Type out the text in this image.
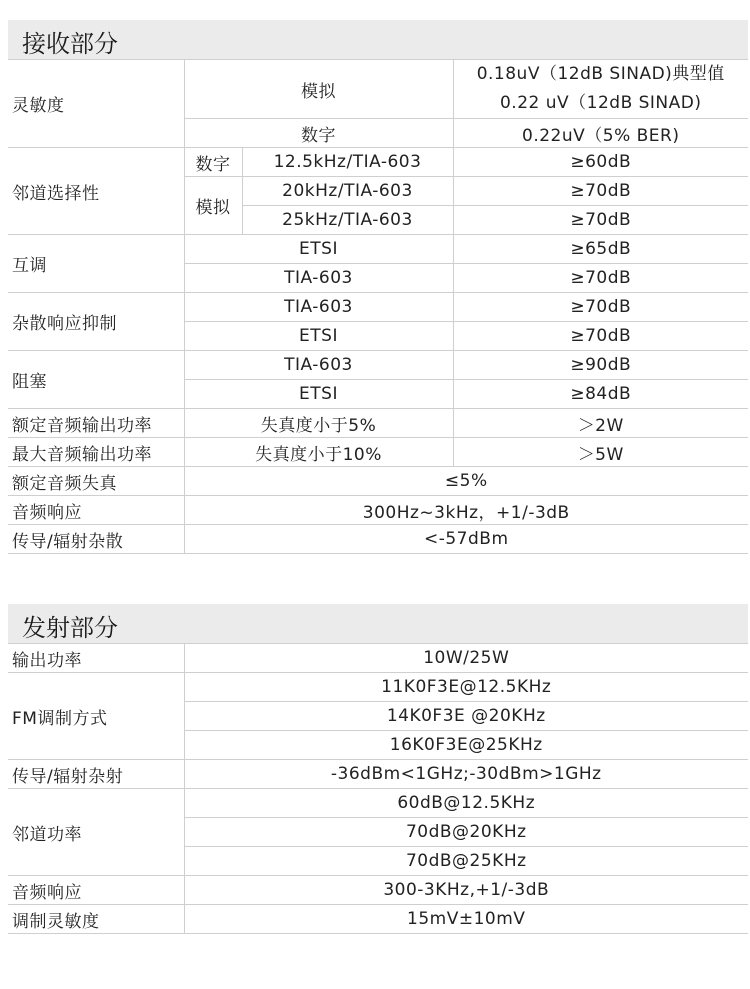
接收部分
灵敏度	模拟		0.18uV（12dB SINAD)典型值
0.22 uV（12dB SINAD)

	数字		0.22uV（5% BER)
邻道选择性	数字	12.5kHz/TIA-603	≥60dB
	模拟	20kHz/TIA-603	≥70dB
		25kHz/TIA-603	≥70dB
互调	ETSI		≥65dB
	TIA-603		≥70dB
杂散响应抑制	TIA-603		≥70dB
	ETSI		≥70dB
阻塞	TIA-603		≥90dB
	ETSI		≥84dB
额定音频输出功率	失真度小于5%		＞2W
最大音频输出功率	失真度小于10%		＞5W
额定音频失真	≤5%		
音频响应	300Hz~3kHz，+1/-3dB		
传导/辐射杂散	<-57dBm		
发射部分
输出功率	10W/25W
FM调制方式	11K0F3E@12.5KHz
	14K0F3E @20KHz
	16K0F3E@25KHz
传导/辐射杂射	-36dBm<1GHz;-30dBm>1GHz
邻道功率	60dB@12.5KHz
	70dB@20KHz
	70dB@25KHz
音频响应	300-3KHz,+1/-3dB
调制灵敏度	15mV±10mV
